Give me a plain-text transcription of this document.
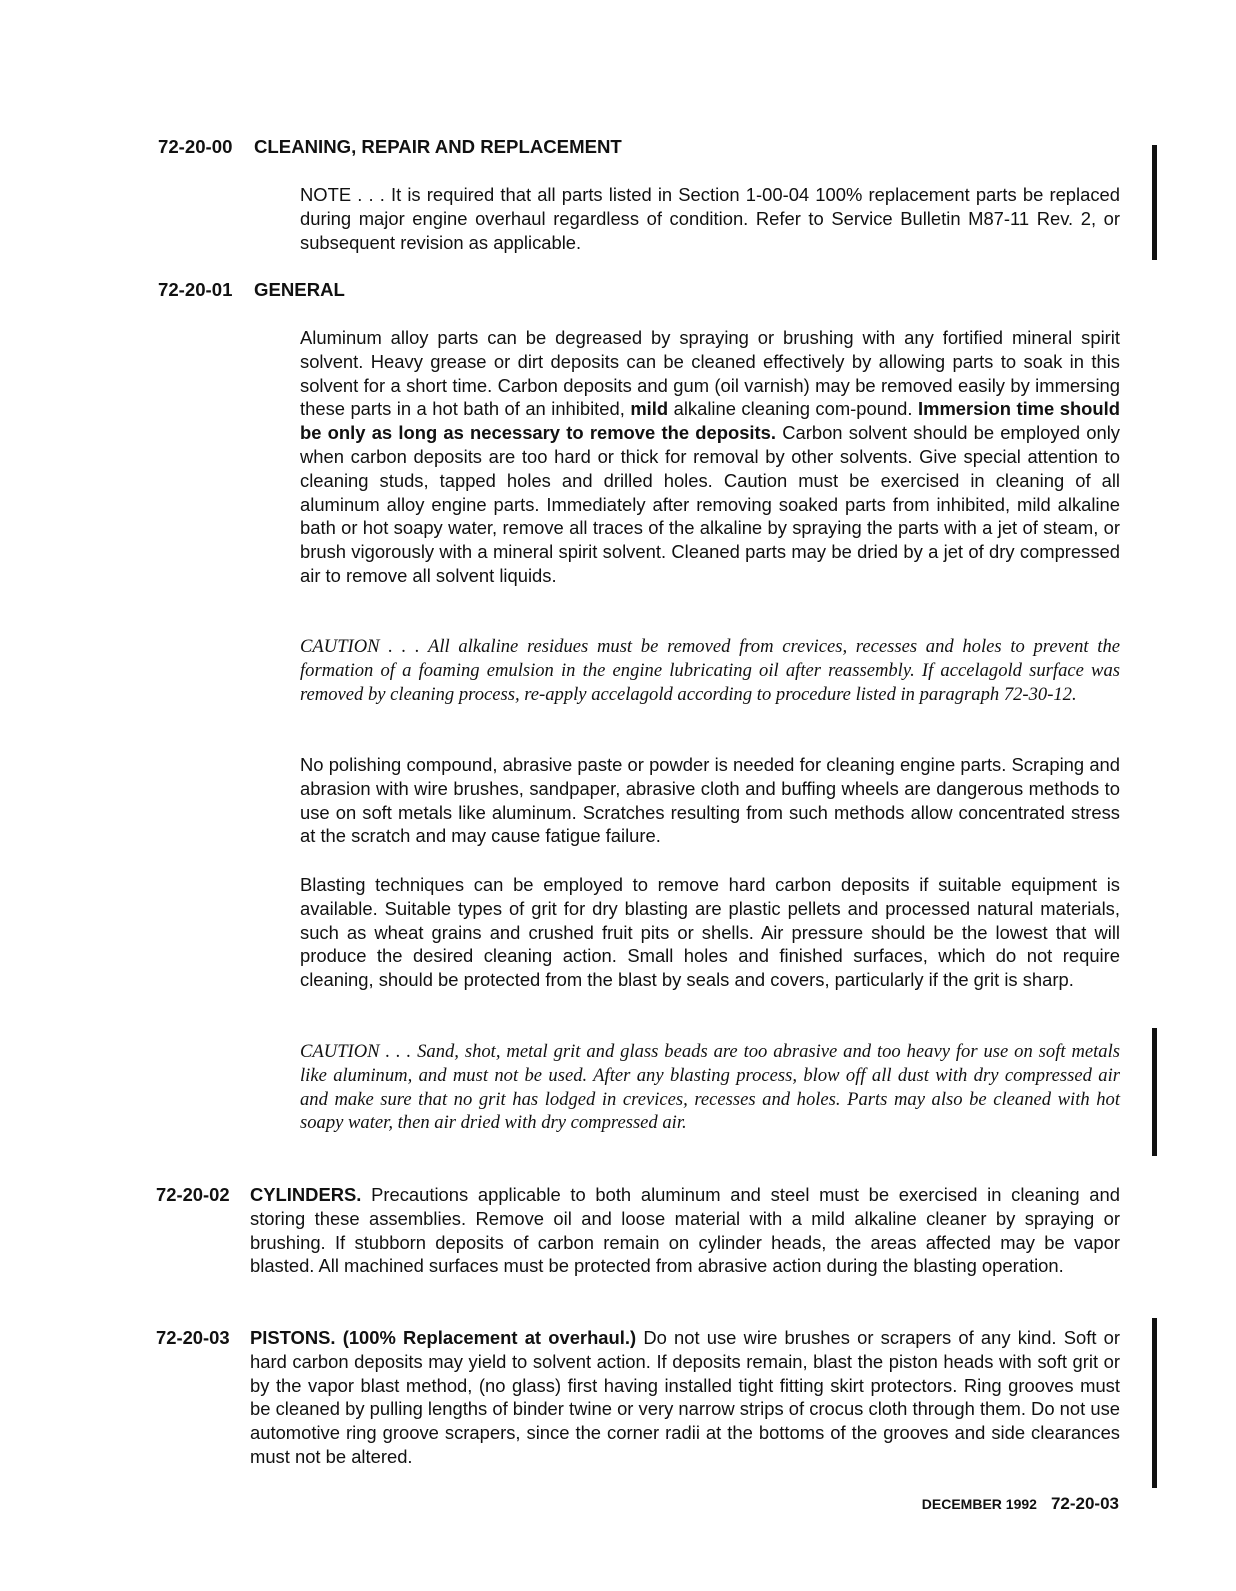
72-20-00 CLEANING, REPAIR AND REPLACEMENT
NOTE . . . It is required that all parts listed in Section 1-00-04 100% replacement parts be replaced during major engine overhaul regardless of condition. Refer to Service Bulletin M87-11 Rev. 2, or subsequent revision as applicable.
72-20-01 GENERAL
Aluminum alloy parts can be degreased by spraying or brushing with any fortified mineral spirit solvent. Heavy grease or dirt deposits can be cleaned effectively by allowing parts to soak in this solvent for a short time. Carbon deposits and gum (oil varnish) may be removed easily by immersing these parts in a hot bath of an inhibited, mild alkaline cleaning com-pound. Immersion time should be only as long as necessary to remove the deposits. Carbon solvent should be employed only when carbon deposits are too hard or thick for removal by other solvents. Give special attention to cleaning studs, tapped holes and drilled holes. Caution must be exercised in cleaning of all aluminum alloy engine parts. Immediately after removing soaked parts from inhibited, mild alkaline bath or hot soapy water, remove all traces of the alkaline by spraying the parts with a jet of steam, or brush vigorously with a mineral spirit solvent. Cleaned parts may be dried by a jet of dry compressed air to remove all solvent liquids.
CAUTION . . . All alkaline residues must be removed from crevices, recesses and holes to prevent the formation of a foaming emulsion in the engine lubricating oil after reassembly. If accelagold surface was removed by cleaning process, re-apply accelagold according to procedure listed in paragraph 72-30-12.
No polishing compound, abrasive paste or powder is needed for cleaning engine parts. Scraping and abrasion with wire brushes, sandpaper, abrasive cloth and buffing wheels are dangerous methods to use on soft metals like aluminum. Scratches resulting from such methods allow concentrated stress at the scratch and may cause fatigue failure.
Blasting techniques can be employed to remove hard carbon deposits if suitable equipment is available. Suitable types of grit for dry blasting are plastic pellets and processed natural materials, such as wheat grains and crushed fruit pits or shells. Air pressure should be the lowest that will produce the desired cleaning action. Small holes and finished surfaces, which do not require cleaning, should be protected from the blast by seals and covers, particularly if the grit is sharp.
CAUTION . . . Sand, shot, metal grit and glass beads are too abrasive and too heavy for use on soft metals like aluminum, and must not be used. After any blasting process, blow off all dust with dry compressed air and make sure that no grit has lodged in crevices, recesses and holes. Parts may also be cleaned with hot soapy water, then air dried with dry compressed air.
72-20-02 CYLINDERS. Precautions applicable to both aluminum and steel must be exercised in cleaning and storing these assemblies. Remove oil and loose material with a mild alkaline cleaner by spraying or brushing. If stubborn deposits of carbon remain on cylinder heads, the areas affected may be vapor blasted. All machined surfaces must be protected from abrasive action during the blasting operation.
72-20-03 PISTONS. (100% Replacement at overhaul.) Do not use wire brushes or scrapers of any kind. Soft or hard carbon deposits may yield to solvent action. If deposits remain, blast the piston heads with soft grit or by the vapor blast method, (no glass) first having installed tight fitting skirt protectors. Ring grooves must be cleaned by pulling lengths of binder twine or very narrow strips of crocus cloth through them. Do not use automotive ring groove scrapers, since the corner radii at the bottoms of the grooves and side clearances must not be altered.
DECEMBER 1992 72-20-03
